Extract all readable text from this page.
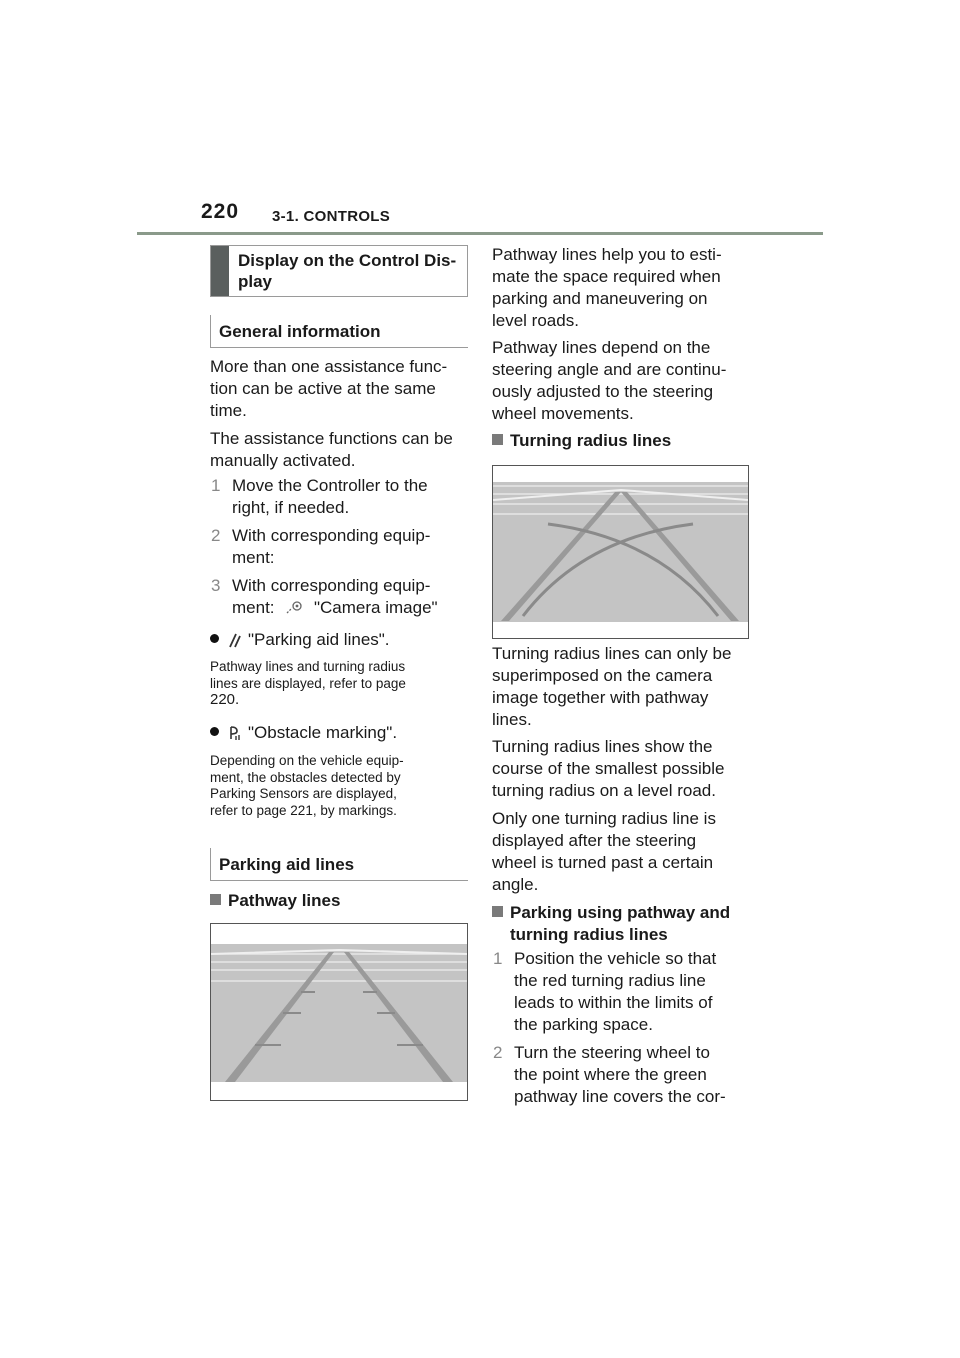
220 3-1. CONTROLS
Display on the Control Dis-
play
General information
More than one assistance func-
tion can be active at the same
time.
The assistance functions can be
manually activated.
1 Move the Controller to the
right, if needed.
2 With corresponding equip-
ment:
3 With corresponding equip-
ment: "Camera image"
"Parking aid lines".
Pathway lines and turning radius
lines are displayed, refer to page
220.
"Obstacle marking".
Depending on the vehicle equip-
ment, the obstacles detected by
Parking Sensors are displayed,
refer to page 221, by markings.
Parking aid lines
Pathway lines
Pathway lines help you to esti-
mate the space required when
parking and maneuvering on
level roads.
Pathway lines depend on the
steering angle and are continu-
ously adjusted to the steering
wheel movements.
Turning radius lines
Turning radius lines can only be
superimposed on the camera
image together with pathway
lines.
Turning radius lines show the
course of the smallest possible
turning radius on a level road.
Only one turning radius line is
displayed after the steering
wheel is turned past a certain
angle.
Parking using pathway and
turning radius lines
1 Position the vehicle so that
the red turning radius line
leads to within the limits of
the parking space.
2 Turn the steering wheel to
the point where the green
pathway line covers the cor-
